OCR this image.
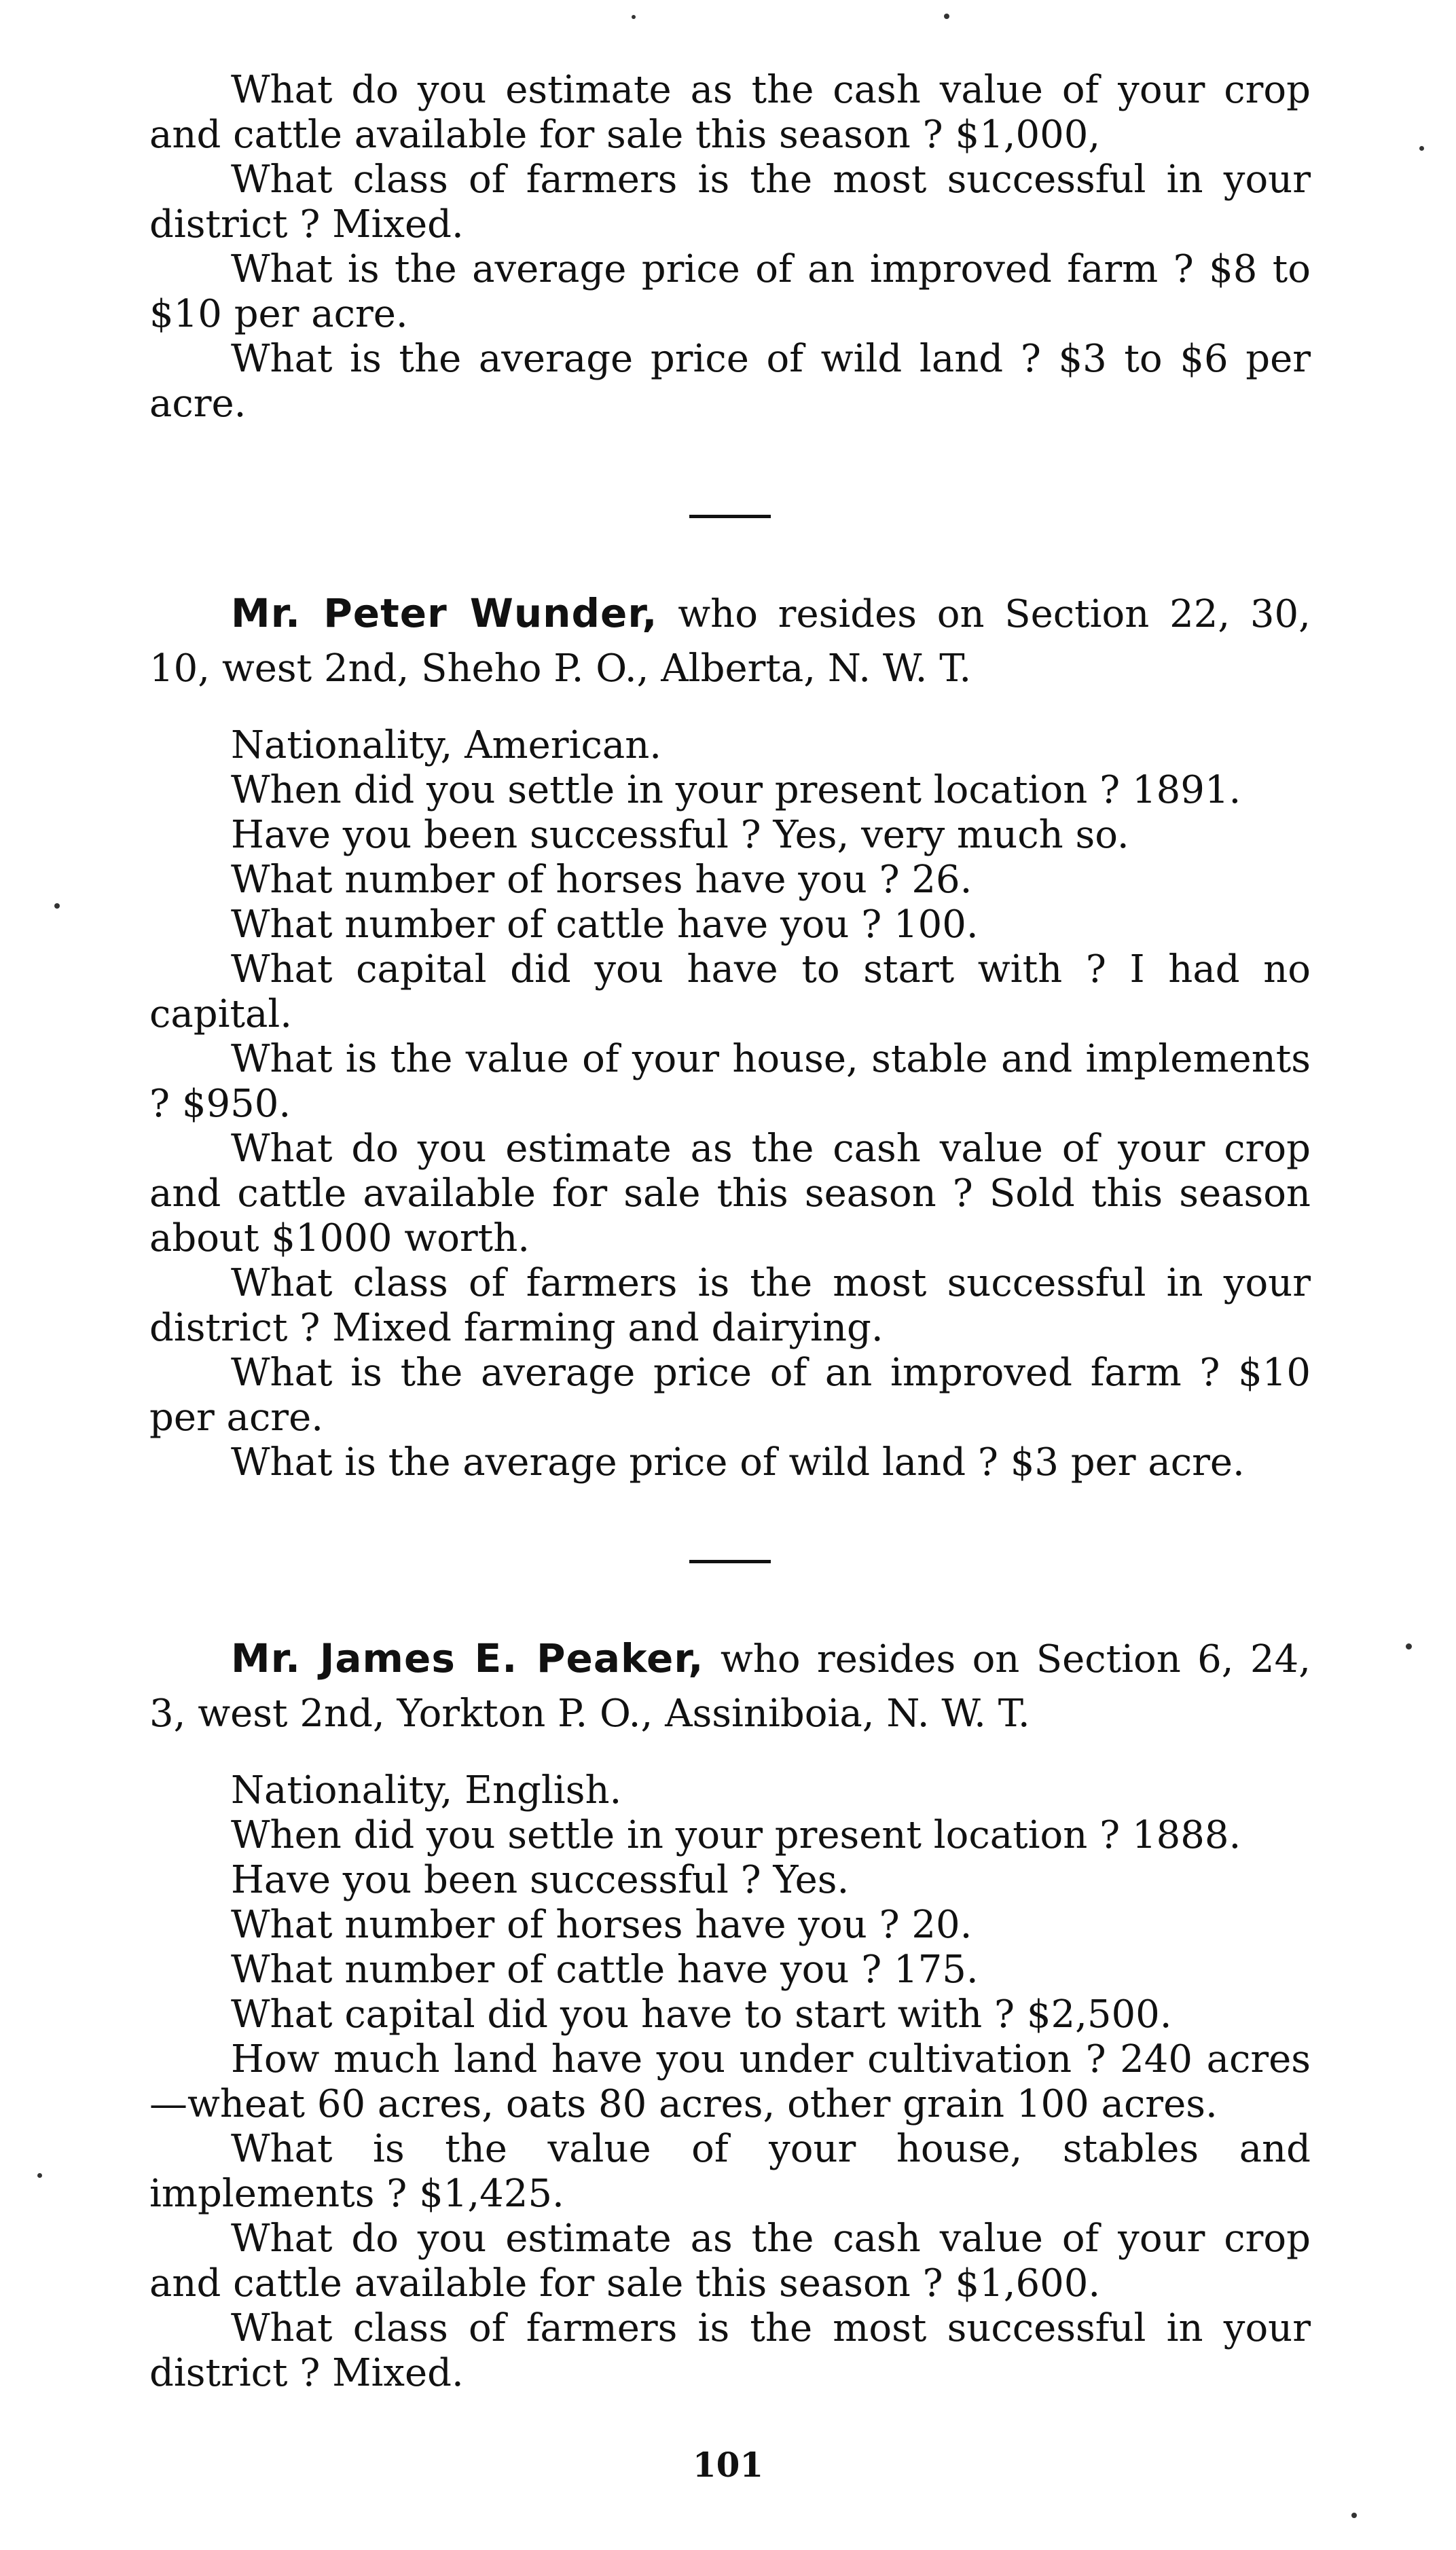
What do you estimate as the cash value of your crop and cattle available for sale this season ? $1,000,

What class of farmers is the most successful in your district ? Mixed.

What is the average price of an improved farm ? $8 to $10 per acre.

What is the average price of wild land ? $3 to $6 per acre.

Mr. Peter Wunder, who resides on Section 22, 30, 10, west 2nd, Sheho P. O., Alberta, N. W. T.

Nationality, American.

When did you settle in your present location ? 1891.

Have you been successful ? Yes, very much so.

What number of horses have you ? 26.

What number of cattle have you ? 100.

What capital did you have to start with ? I had no capital.

What is the value of your house, stable and implements ? $950.

What do you estimate as the cash value of your crop and cattle available for sale this season ? Sold this season about $1000 worth.

What class of farmers is the most successful in your district ? Mixed farming and dairying.

What is the average price of an improved farm ? $10 per acre.

What is the average price of wild land ? $3 per acre.

Mr. James E. Peaker, who resides on Section 6, 24, 3, west 2nd, Yorkton P. O., Assiniboia, N. W. T.

Nationality, English.

When did you settle in your present location ? 1888.

Have you been successful ? Yes.

What number of horses have you ? 20.

What number of cattle have you ? 175.

What capital did you have to start with ? $2,500.

How much land have you under cultivation ? 240 acres—wheat 60 acres, oats 80 acres, other grain 100 acres.

What is the value of your house, stables and implements ? $1,425.

What do you estimate as the cash value of your crop and cattle available for sale this season ? $1,600.

What class of farmers is the most successful in your district ? Mixed.

101
